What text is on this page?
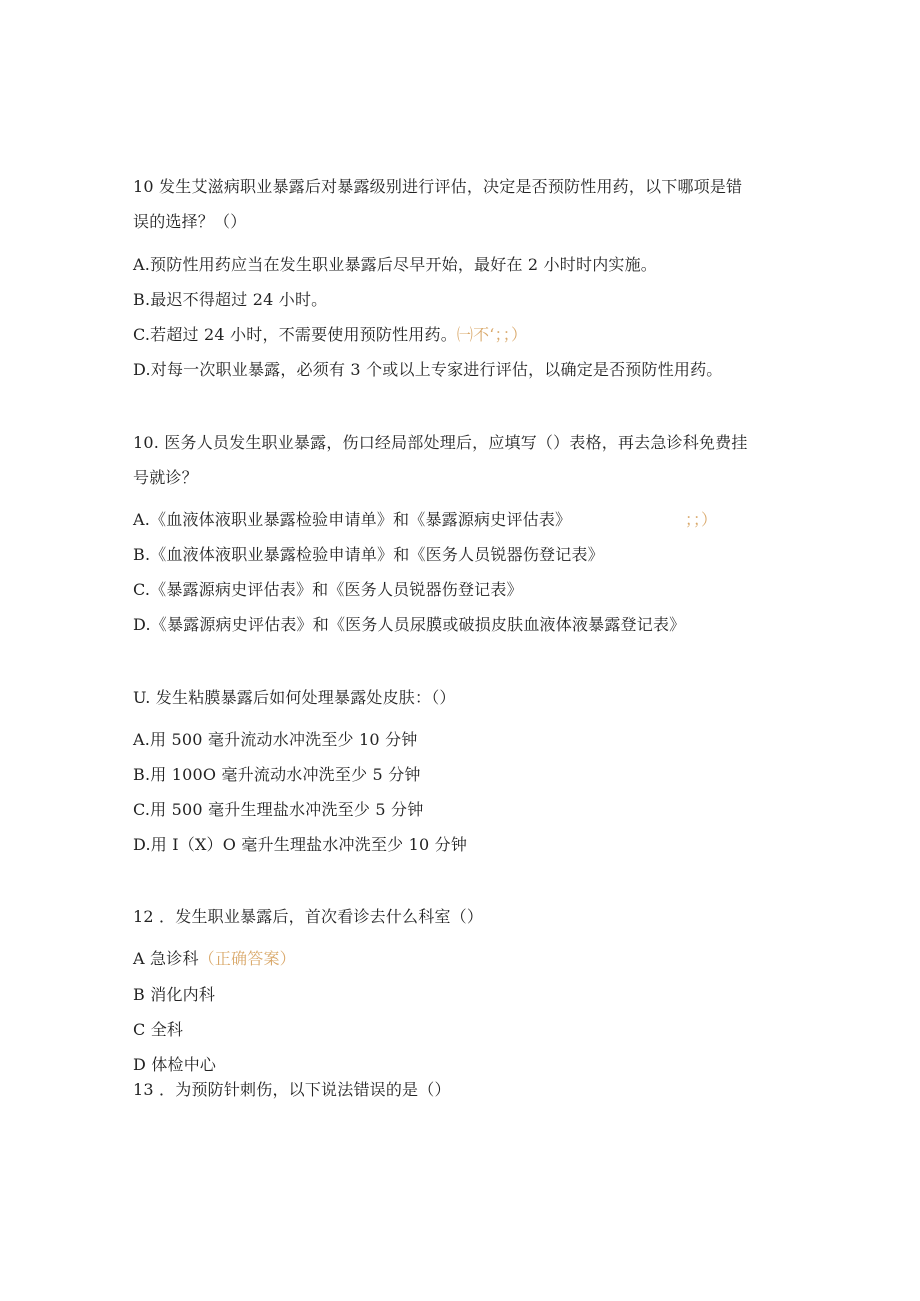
10 发生艾滋病职业暴露后对暴露级别进行评估，决定是否预防性用药，以下哪项是错
误的选择？（）
A.预防性用药应当在发生职业暴露后尽早开始，最好在 2 小时时内实施。
B.最迟不得超过 24 小时。
C.若超过 24 小时，不需要使用预防性用药。㈠不‘；；）
D.对每一次职业暴露，必须有 3 个或以上专家进行评估，以确定是否预防性用药。
10. 医务人员发生职业暴露，伤口经局部处理后，应填写（）表格，再去急诊科免费挂
号就诊？
A.《血液体液职业暴露检验申请单》和《暴露源病史评估表》	；；）
B.《血液体液职业暴露检验申请单》和《医务人员锐器伤登记表》
C.《暴露源病史评估表》和《医务人员锐器伤登记表》
D.《暴露源病史评估表》和《医务人员尿膜或破损皮肤血液体液暴露登记表》
U. 发生粘膜暴露后如何处理暴露处皮肤：（）
A.用 500 毫升流动水冲洗至少 10 分钟
B.用 100O 毫升流动水冲洗至少 5 分钟
C.用 500 毫升生理盐水冲洗至少 5 分钟
D.用 I（X）O 毫升生理盐水冲洗至少 10 分钟
12 ．发生职业暴露后，首次看诊去什么科室（）
A 急诊科（正确答案）
B 消化内科
C 全科
D 体检中心
13 ．为预防针刺伤，以下说法错误的是（）
